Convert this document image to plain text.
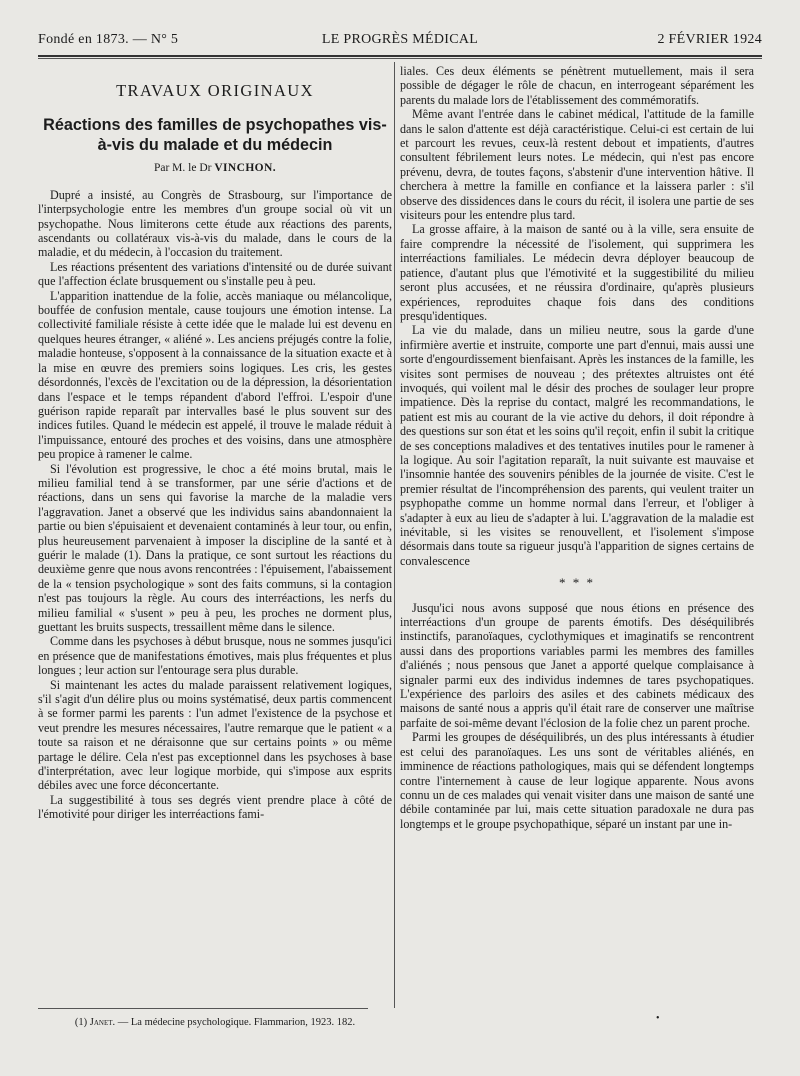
Fondé en 1873. — N° 5	LE PROGRÈS MÉDICAL	2 FÉVRIER 1924
TRAVAUX ORIGINAUX
Réactions des familles de psychopathes vis-à-vis du malade et du médecin
Par M. le Dr VINCHON.

Dupré a insisté, au Congrès de Strasbourg, sur l'importance de l'interpsychologie entre les membres d'un groupe social où vit un psychopathe. Nous limiterons cette étude aux réactions des parents, ascendants ou collatéraux vis-à-vis du malade, dans le cours de la maladie, et du médecin, à l'occasion du traitement.

Les réactions présentent des variations d'intensité ou de durée suivant que l'affection éclate brusquement ou s'installe peu à peu.

L'apparition inattendue de la folie, accès maniaque ou mélancolique, bouffée de confusion mentale, cause toujours une émotion intense. La collectivité familiale résiste à cette idée que le malade lui est devenu en quelques heures étranger, « aliéné ». Les anciens préjugés contre la folie, maladie honteuse, s'opposent à la connaissance de la situation exacte et à la mise en œuvre des premiers soins logiques. Les cris, les gestes désordonnés, l'excès de l'excitation ou de la dépression, la désorientation dans l'espace et le temps répandent d'abord l'effroi. L'espoir d'une guérison rapide reparaît par intervalles basé le plus souvent sur des indices futiles. Quand le médecin est appelé, il trouve le malade réduit à l'impuissance, entouré des proches et des voisins, dans une atmosphère peu propice à ramener le calme.

Si l'évolution est progressive, le choc a été moins brutal, mais le milieu familial tend à se transformer, par une série d'actions et de réactions, dans un sens qui favorise la marche de la maladie vers l'aggravation. Janet a observé que les individus sains abandonnaient la partie ou bien s'épuisaient et devenaient contaminés à leur tour, ou enfin, plus heureusement parvenaient à imposer la discipline de la santé et à guérir le malade (1). Dans la pratique, ce sont surtout les réactions du deuxième genre que nous avons rencontrées : l'épuisement, l'abaissement de la « tension psychologique » sont des faits communs, si la contagion n'est pas toujours la règle. Au cours des interréactions, les nerfs du milieu familial « s'usent » peu à peu, les proches ne dorment plus, guettant les bruits suspects, tressaillent même dans le silence.

Comme dans les psychoses à début brusque, nous ne sommes jusqu'ici en présence que de manifestations émotives, mais plus fréquentes et plus longues ; leur action sur l'entourage sera plus durable.

Si maintenant les actes du malade paraissent relativement logiques, s'il s'agit d'un délire plus ou moins systématisé, deux partis commencent à se former parmi les parents : l'un admet l'existence de la psychose et veut prendre les mesures nécessaires, l'autre remarque que le patient « a toute sa raison et ne déraisonne que sur certains points » ou même partage le délire. Cela n'est pas exceptionnel dans les psychoses à base d'interprétation, avec leur logique morbide, qui s'impose aux esprits débiles avec une force déconcertante.

La suggestibilité à tous ses degrés vient prendre place à côté de l'émotivité pour diriger les interréactions fami-

liales. Ces deux éléments se pénètrent mutuellement, mais il sera possible de dégager le rôle de chacun, en interrogeant séparément les parents du malade lors de l'établissement des commémoratifs.

Même avant l'entrée dans le cabinet médical, l'attitude de la famille dans le salon d'attente est déjà caractéristique. Celui-ci est certain de lui et parcourt les revues, ceux-là restent debout et impatients, d'autres consultent fébrilement leurs notes. Le médecin, qui n'est pas encore prévenu, devra, de toutes façons, s'abstenir d'une intervention hâtive. Il cherchera à mettre la famille en confiance et la laissera parler : s'il observe des dissidences dans le cours du récit, il isolera une partie de ses visiteurs pour les entendre plus tard.

La grosse affaire, à la maison de santé ou à la ville, sera ensuite de faire comprendre la nécessité de l'isolement, qui supprimera les interréactions familiales. Le médecin devra déployer beaucoup de patience, d'autant plus que l'émotivité et la suggestibilité du milieu seront plus accusées, et ne réussira d'ordinaire, qu'après plusieurs expériences, reproduites chaque fois dans des conditions presqu'identiques.

La vie du malade, dans un milieu neutre, sous la garde d'une infirmière avertie et instruite, comporte une part d'ennui, mais aussi une sorte d'engourdissement bienfaisant. Après les instances de la famille, les visites sont permises de nouveau ; des prétextes altruistes ont été invoqués, qui voilent mal le désir des proches de soulager leur propre impatience. Dès la reprise du contact, malgré les recommandations, le patient est mis au courant de la vie active du dehors, il doit répondre à des questions sur son état et les soins qu'il reçoit, enfin il subit la critique de ses conceptions maladives et des tentatives inutiles pour le ramener à la logique. Au soir l'agitation reparaît, la nuit suivante est mauvaise et l'insomnie hantée des souvenirs pénibles de la journée de visite. C'est le premier résultat de l'incompréhension des parents, qui veulent traiter un psyphopathe comme un homme normal dans l'erreur, et l'obliger à s'adapter à eux au lieu de s'adapter à lui. L'aggravation de la maladie est inévitable, si les visites se renouvellent, et l'isolement s'impose désormais dans toute sa rigueur jusqu'à l'apparition de signes certains de convalescence

* * *

Jusqu'ici nous avons supposé que nous étions en présence des interréactions d'un groupe de parents émotifs. Des déséquilibrés instinctifs, paranoïaques, cyclothymiques et imaginatifs se rencontrent aussi dans des proportions variables parmi les membres des familles d'aliénés ; nous pensous que Janet a apporté quelque complaisance à signaler parmi eux des individus indemnes de tares psychopatiques. L'expérience des parloirs des asiles et des cabinets médicaux des maisons de santé nous a appris qu'il était rare de conserver une maîtrise parfaite de soi-même devant l'éclosion de la folie chez un parent proche.

Parmi les groupes de déséquilibrés, un des plus intéressants à étudier est celui des paranoïaques. Les uns sont de véritables aliénés, en imminence de réactions pathologiques, mais qui se défendent longtemps contre l'internement à cause de leur logique apparente. Nous avons connu un de ces malades qui venait visiter dans une maison de santé une débile contaminée par lui, mais cette situation paradoxale ne dura pas longtemps et le groupe psychopathique, séparé un instant par une in-

(1) Janet. — La médecine psychologique. Flammarion, 1923. 182.	•
